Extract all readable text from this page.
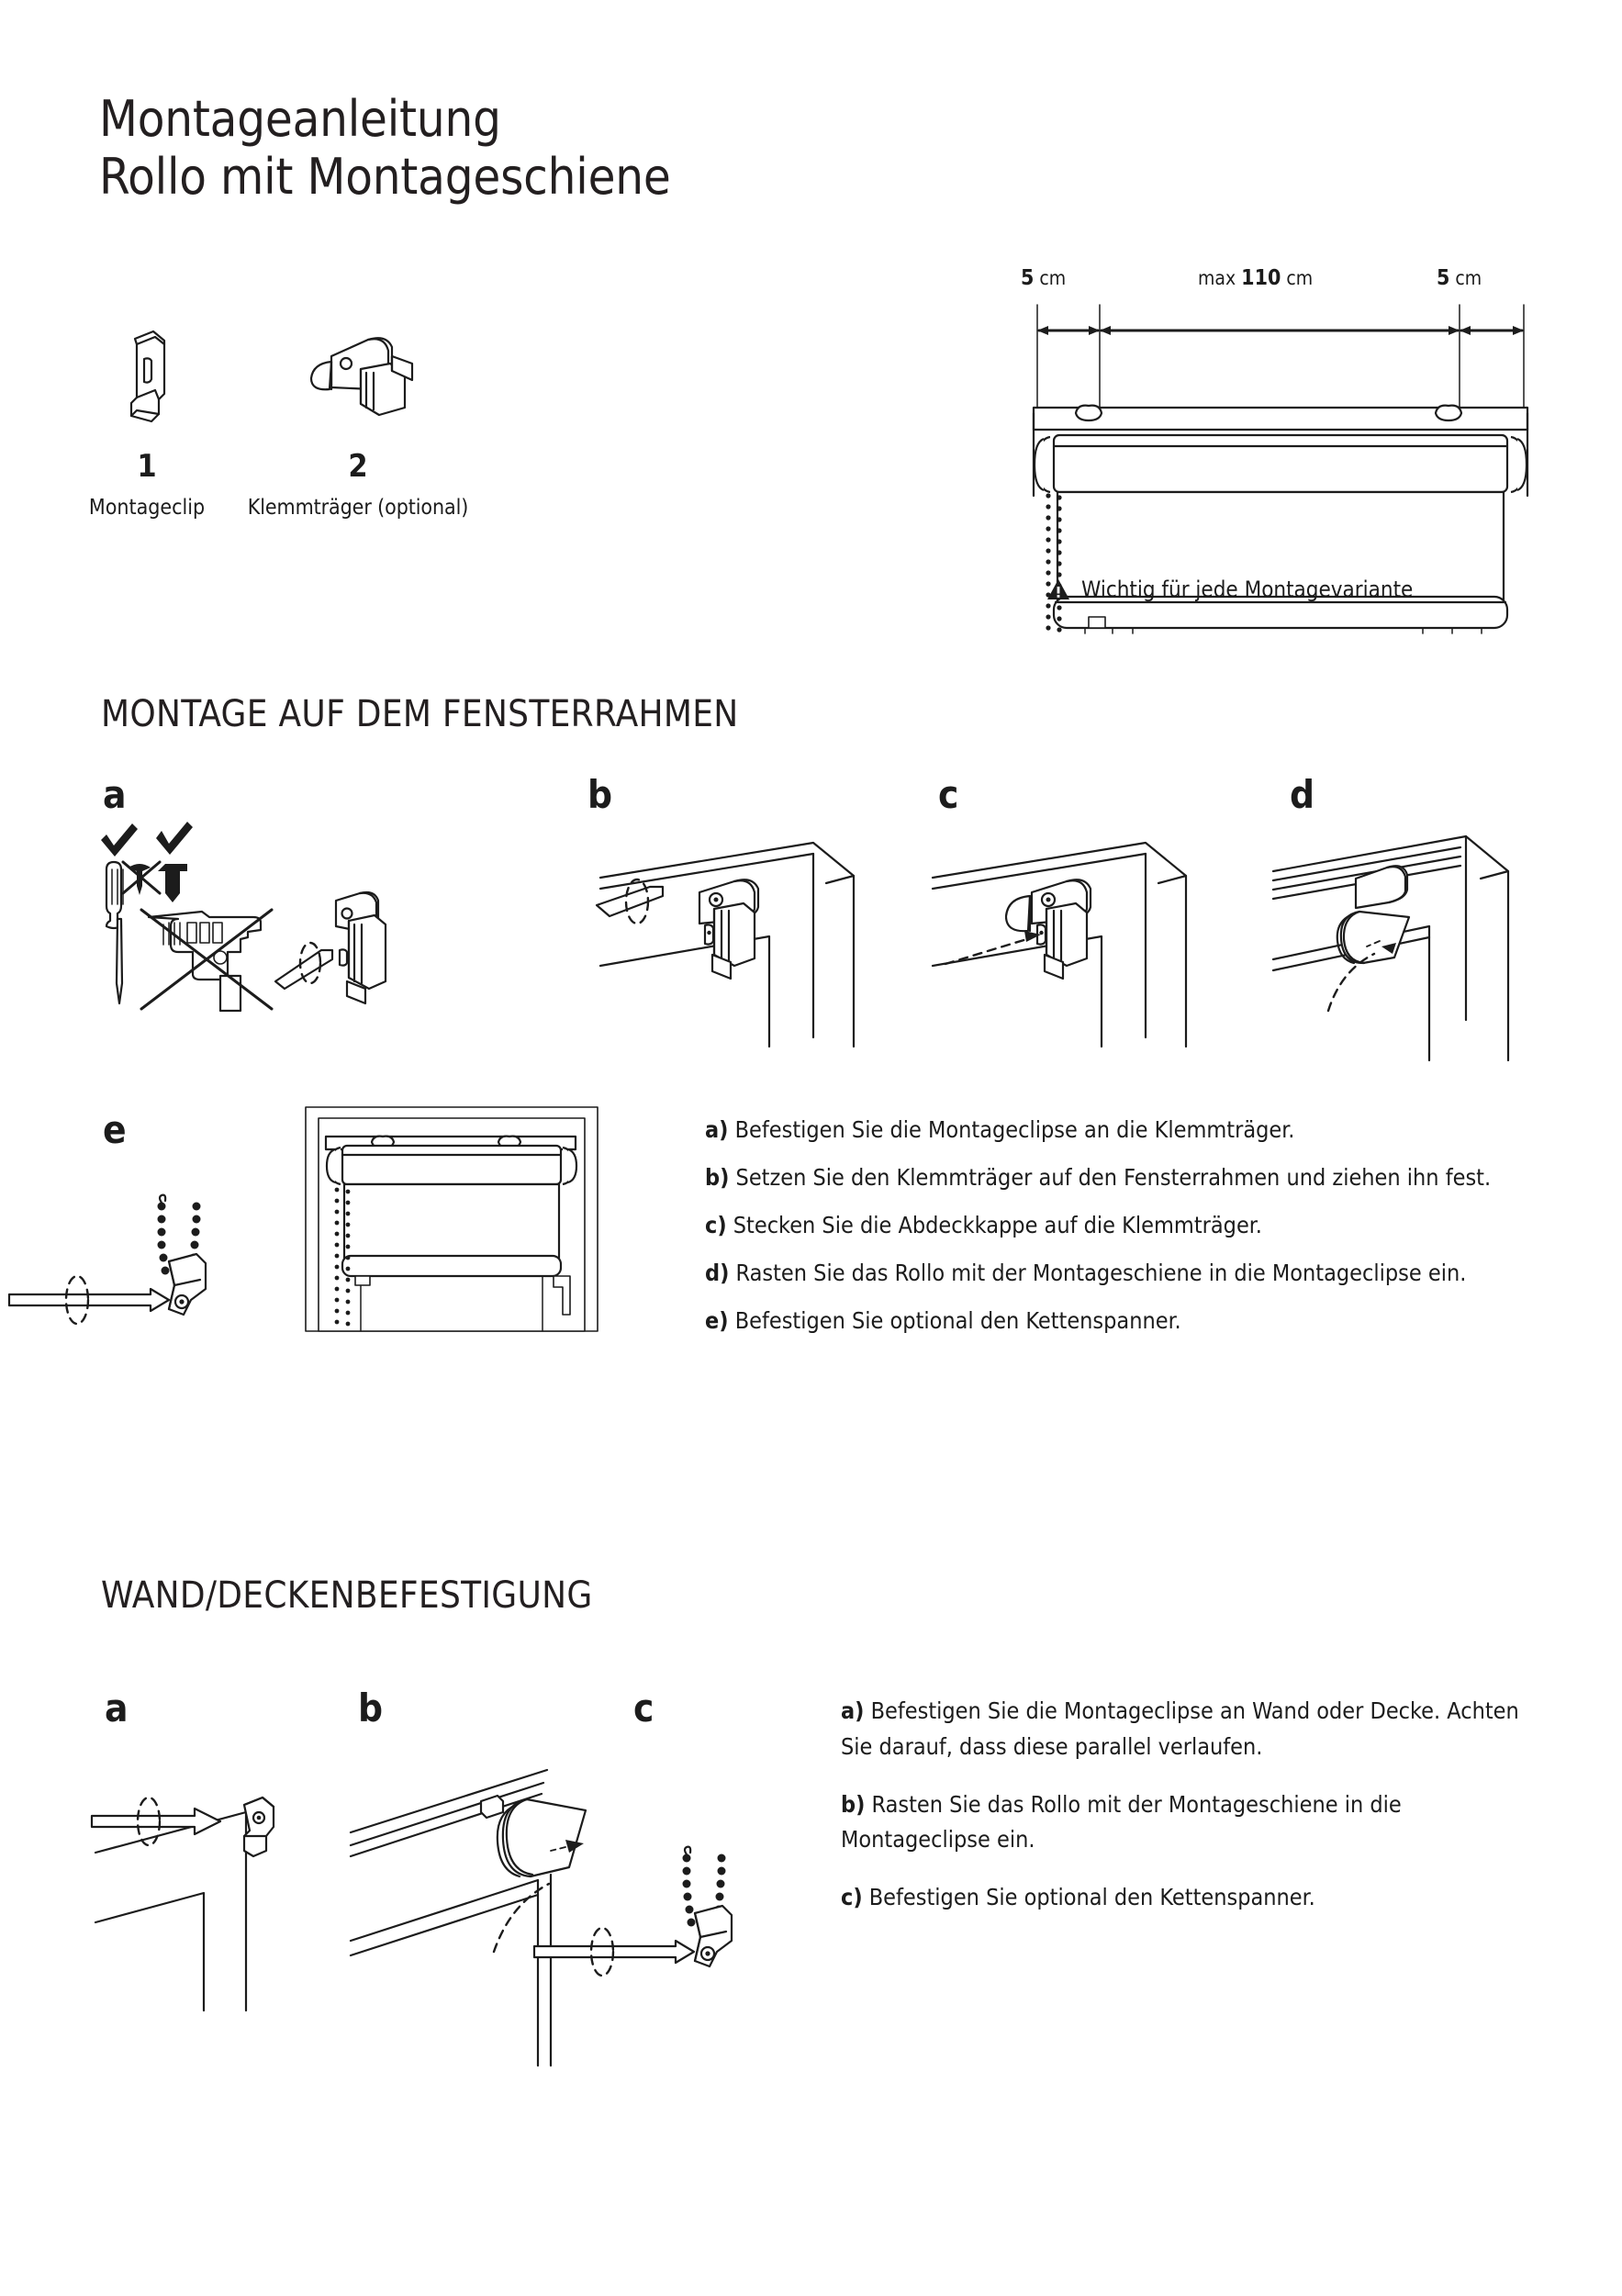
Montageanleitung
Rollo mit Montageschiene
1
Montageclip
2
Klemmträger (optional)
5 cm	max 110 cm	5 cm
Wichtig für jede Montagevariante
MONTAGE AUF DEM FENSTERRAHMEN
a	b	c	d
e	a) Befestigen Sie die Montageclipse an die Klemmträger.
b) Setzen Sie den Klemmträger auf den Fensterrahmen und ziehen ihn fest.
c) Stecken Sie die Abdeckkappe auf die Klemmträger.
d) Rasten Sie das Rollo mit der Montageschiene in die Montageclipse ein.
e) Befestigen Sie optional den Kettenspanner.
WAND/DECKENBEFESTIGUNG
a	b	c	a) Befestigen Sie die Montageclipse an Wand oder Decke. Achten Sie darauf, dass diese parallel verlaufen.
b) Rasten Sie das Rollo mit der Montageschiene in die Montageclipse ein.
c) Befestigen Sie optional den Kettenspanner.
